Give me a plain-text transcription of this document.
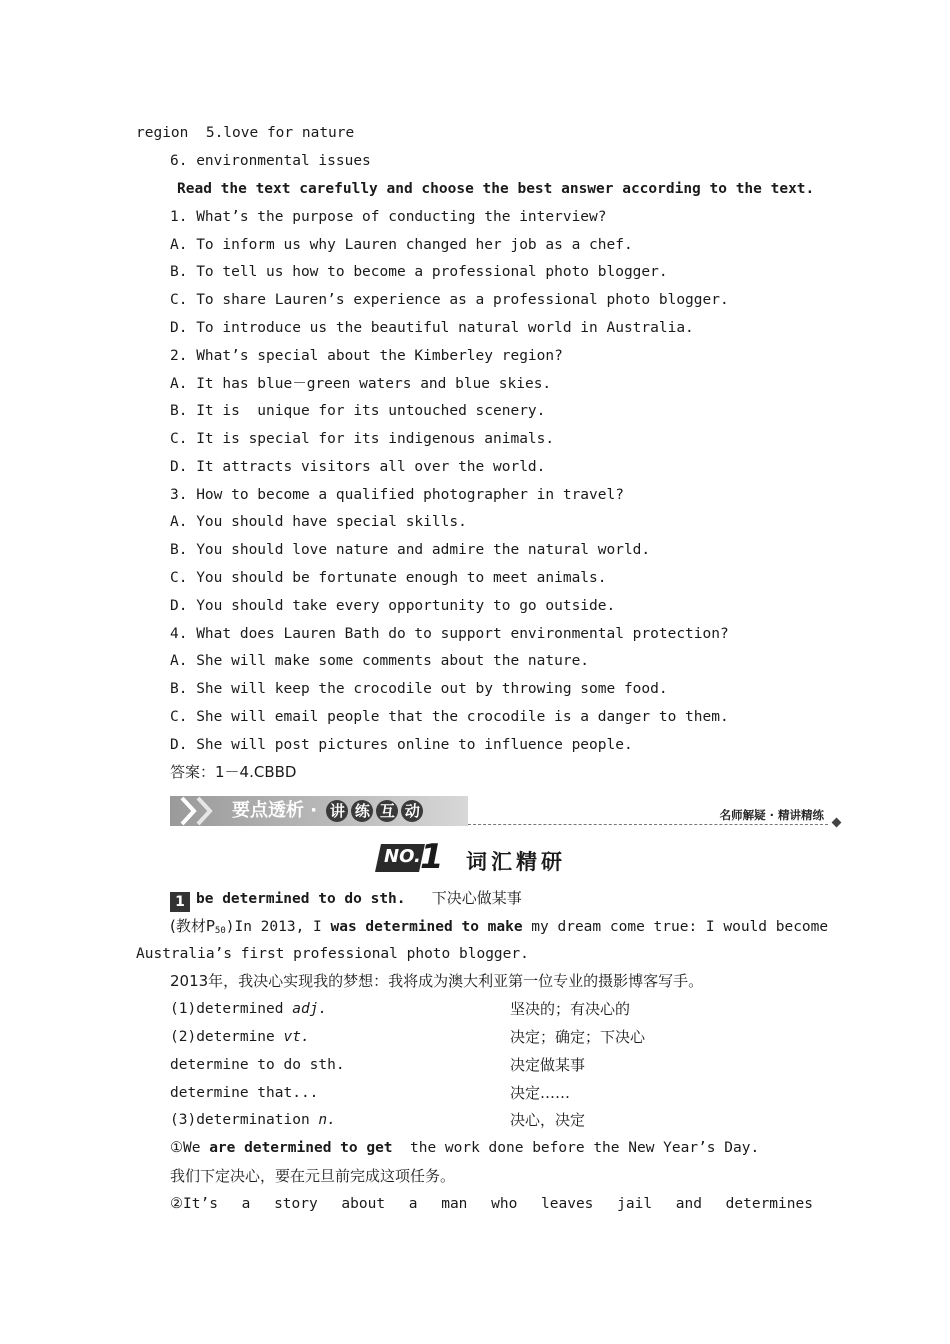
region  5.love for nature
6. environmental issues
Read the text carefully and choose the best answer according to the text.
1. What’s the purpose of conducting the interview?
A. To inform us why Lauren changed her job as a chef.
B. To tell us how to become a professional photo blogger.
C. To share Lauren’s experience as a professional photo blogger.
D. To introduce us the beautiful natural world in Australia.
2. What’s special about the Kimberley region?
A. It has blue－green waters and blue skies.
B. It is  unique for its untouched scenery.
C. It is special for its indigenous animals.
D. It attracts visitors all over the world.
3. How to become a qualified photographer in travel?
A. You should have special skills.
B. You should love nature and admire the natural world.
C. You should be fortunate enough to meet animals.
D. You should take every opportunity to go outside.
4. What does Lauren Bath do to support environmental protection?
A. She will make some comments about the nature.
B. She will keep the crocodile out by throwing some food.
C. She will email people that the crocodile is a danger to them.
D. She will post pictures online to influence people.
答案：1－4.CBBD
要点透析 · 讲 练 互 动	名师解疑 · 精讲精练
NO. 1 词汇精研
1 be determined to do sth. 下决心做某事
(教材$P_{50})In$ 2013, I was determined to make my dream come true: I would become
Australia’s first professional photo blogger.
2013年，我决心实现我的梦想：我将成为澳大利亚第一位专业的摄影博客写手。
(1)determined adj.	坚决的；有决心的
(2)determine vt.	决定；确定；下决心
determine to do sth.	决定做某事
determine that...	决定……
(3)determination n.	决心，决定
①We are determined to get  the work done before the New Year’s Day.
我们下定决心，要在元旦前完成这项任务。
②It’s a story about a man who leaves jail and determines
